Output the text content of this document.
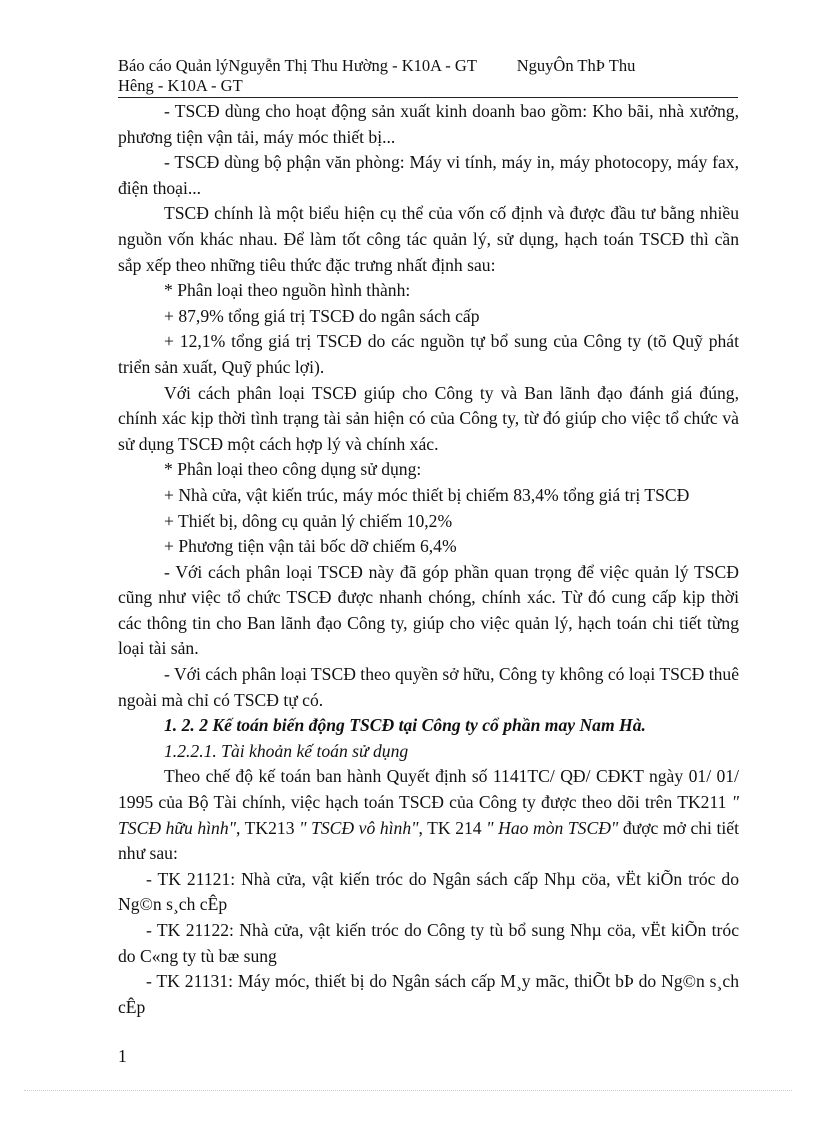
Báo cáo Quản lýNguyễn Thị Thu Hường - K10A - GT NguyÔn ThÞ Thu
Hêng - K10A - GT

- TSCĐ dùng cho hoạt động sản xuất kinh doanh bao gồm: Kho bãi, nhà xưởng, phương tiện vận tải, máy móc thiết bị...

- TSCĐ dùng bộ phận văn phòng: Máy vi tính, máy in, máy photocopy, máy fax, điện thoại...

TSCĐ chính là một biểu hiện cụ thể của vốn cố định và được đầu tư bằng nhiều nguồn vốn khác nhau. Để làm tốt công tác quản lý, sử dụng, hạch toán TSCĐ thì cần sắp xếp theo những tiêu thức đặc trưng nhất định sau:

* Phân loại theo nguồn hình thành:

+ 87,9% tổng giá trị TSCĐ do ngân sách cấp

+ 12,1% tổng giá trị TSCĐ do các nguồn tự bổ sung của Công ty (tõ Quỹ phát triển sản xuất, Quỹ phúc lợi).

Với cách phân loại TSCĐ giúp cho Công ty và Ban lãnh đạo đánh giá đúng, chính xác kịp thời tình trạng tài sản hiện có của Công ty, từ đó giúp cho việc tổ chức và sử dụng TSCĐ một cách hợp lý và chính xác.

* Phân loại theo công dụng sử dụng:

+ Nhà cửa, vật kiến trúc, máy móc thiết bị chiếm 83,4% tổng giá trị TSCĐ

+ Thiết bị, dông cụ quản lý chiếm 10,2%

+ Phương tiện vận tải bốc dỡ chiếm 6,4%

- Với cách phân loại TSCĐ này đã góp phần quan trọng để việc quản lý TSCĐ cũng như việc tổ chức TSCĐ được nhanh chóng, chính xác. Từ đó cung cấp kịp thời các thông tin cho Ban lãnh đạo Công ty, giúp cho việc quản lý, hạch toán chi tiết từng loại tài sản.

- Với cách phân loại TSCĐ theo quyền sở hữu, Công ty không có loại TSCĐ thuê ngoài mà chỉ có TSCĐ tự có.

1. 2. 2 Kế toán biến động TSCĐ tại Công ty cổ phần may Nam Hà.

1.2.2.1. Tài khoản kế toán sử dụng

Theo chế độ kế toán ban hành Quyết định số 1141TC/ QĐ/ CĐKT ngày 01/ 01/ 1995 của Bộ Tài chính, việc hạch toán TSCĐ của Công ty được theo dõi trên TK211 " TSCĐ hữu hình", TK213 " TSCĐ vô hình", TK 214 " Hao mòn TSCĐ" được mở chi tiết như sau:

- TK 21121: Nhà cửa, vật kiến tróc do Ngân sách cấp Nhµ cöa, vËt kiÕn tróc do Ng©n s¸ch cÊp

- TK 21122: Nhà cửa, vật kiến tróc do Công ty tù bổ sung Nhµ cöa, vËt kiÕn tróc do C«ng ty tù bæ sung

- TK 21131: Máy móc, thiết bị do Ngân sách cấp M¸y mãc, thiÕt bÞ do Ng©n s¸ch cÊp

1
